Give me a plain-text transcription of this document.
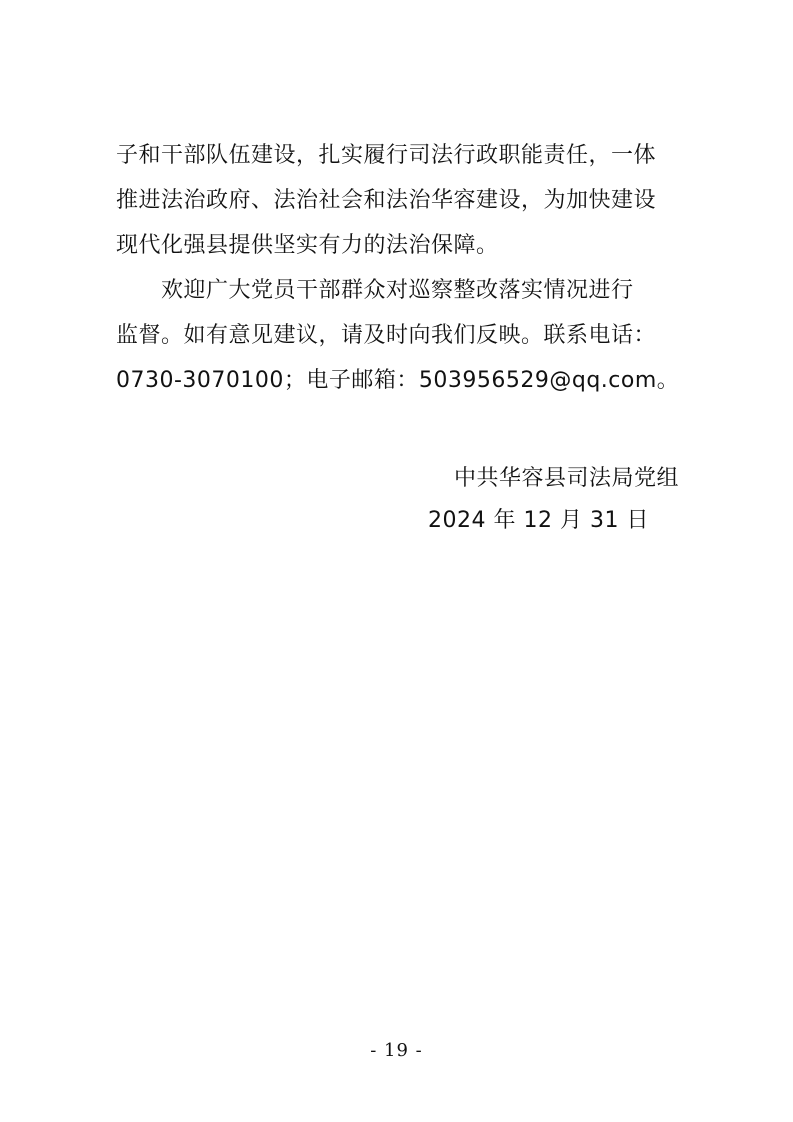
子和干部队伍建设，扎实履行司法行政职能责任，一体
推进法治政府、法治社会和法治华容建设，为加快建设
现代化强县提供坚实有力的法治保障。
欢迎广大党员干部群众对巡察整改落实情况进行
监督。如有意见建议，请及时向我们反映。联系电话：
0730-3070100；电子邮箱：503956529@qq.com。
中共华容县司法局党组
2024 年 12 月 31 日
- 19 -
